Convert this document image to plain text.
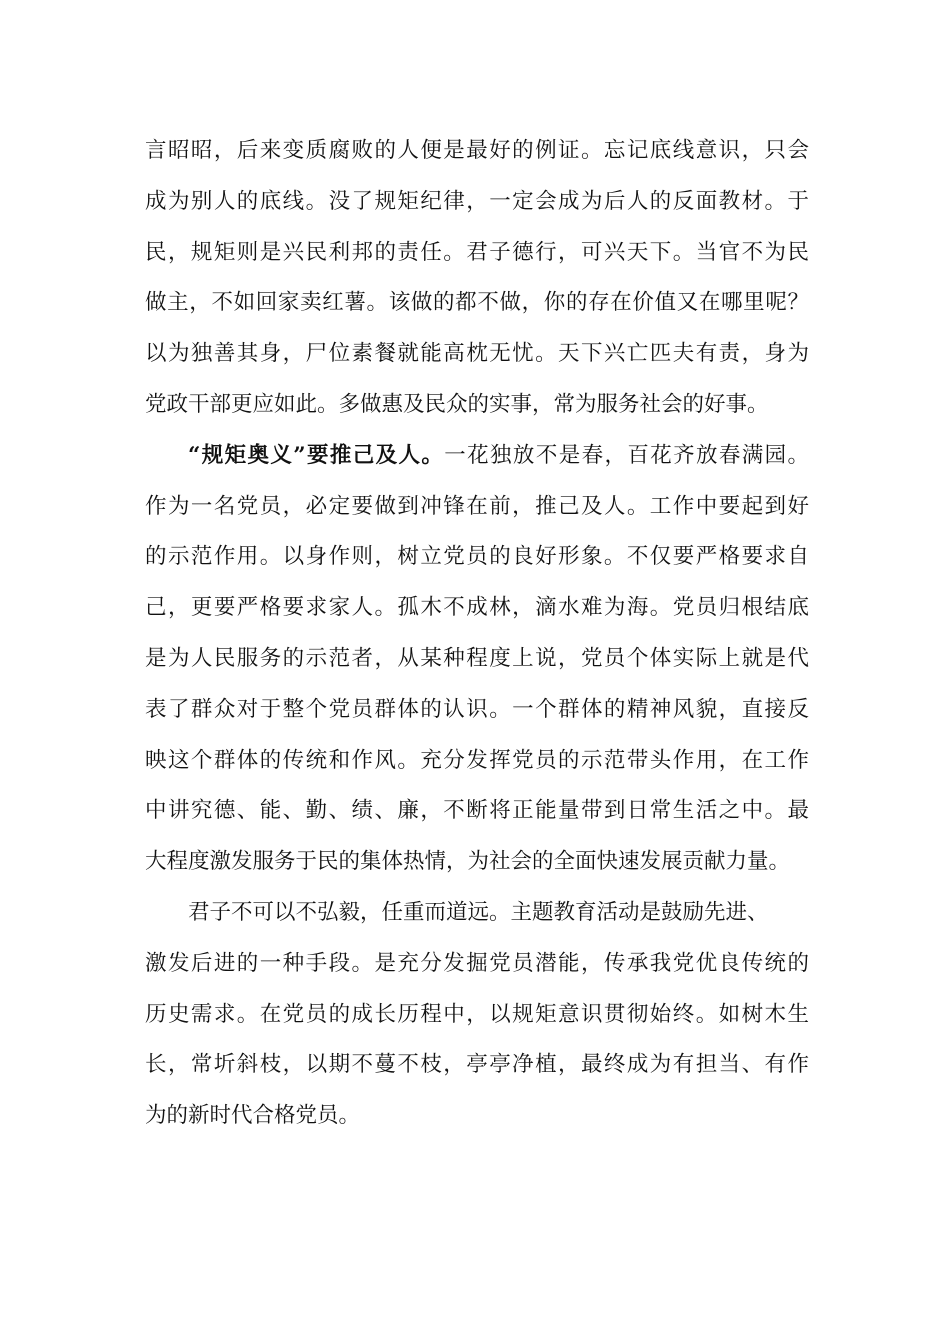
言昭昭，后来变质腐败的人便是最好的例证。忘记底线意识，只会
成为别人的底线。没了规矩纪律，一定会成为后人的反面教材。于
民，规矩则是兴民利邦的责任。君子德行，可兴天下。当官不为民
做主，不如回家卖红薯。该做的都不做，你的存在价值又在哪里呢？
以为独善其身，尸位素餐就能高枕无忧。天下兴亡匹夫有责，身为
党政干部更应如此。多做惠及民众的实事，常为服务社会的好事。
“规矩奥义”要推己及人。一花独放不是春，百花齐放春满园。
作为一名党员，必定要做到冲锋在前，推己及人。工作中要起到好
的示范作用。以身作则，树立党员的良好形象。不仅要严格要求自
己，更要严格要求家人。孤木不成林，滴水难为海。党员归根结底
是为人民服务的示范者，从某种程度上说，党员个体实际上就是代
表了群众对于整个党员群体的认识。一个群体的精神风貌，直接反
映这个群体的传统和作风。充分发挥党员的示范带头作用，在工作
中讲究德、能、勤、绩、廉，不断将正能量带到日常生活之中。最
大程度激发服务于民的集体热情，为社会的全面快速发展贡献力量。
君子不可以不弘毅，任重而道远。主题教育活动是鼓励先进、
激发后进的一种手段。是充分发掘党员潜能，传承我党优良传统的
历史需求。在党员的成长历程中，以规矩意识贯彻始终。如树木生
长，常圻斜枝，以期不蔓不枝，亭亭净植，最终成为有担当、有作
为的新时代合格党员。
